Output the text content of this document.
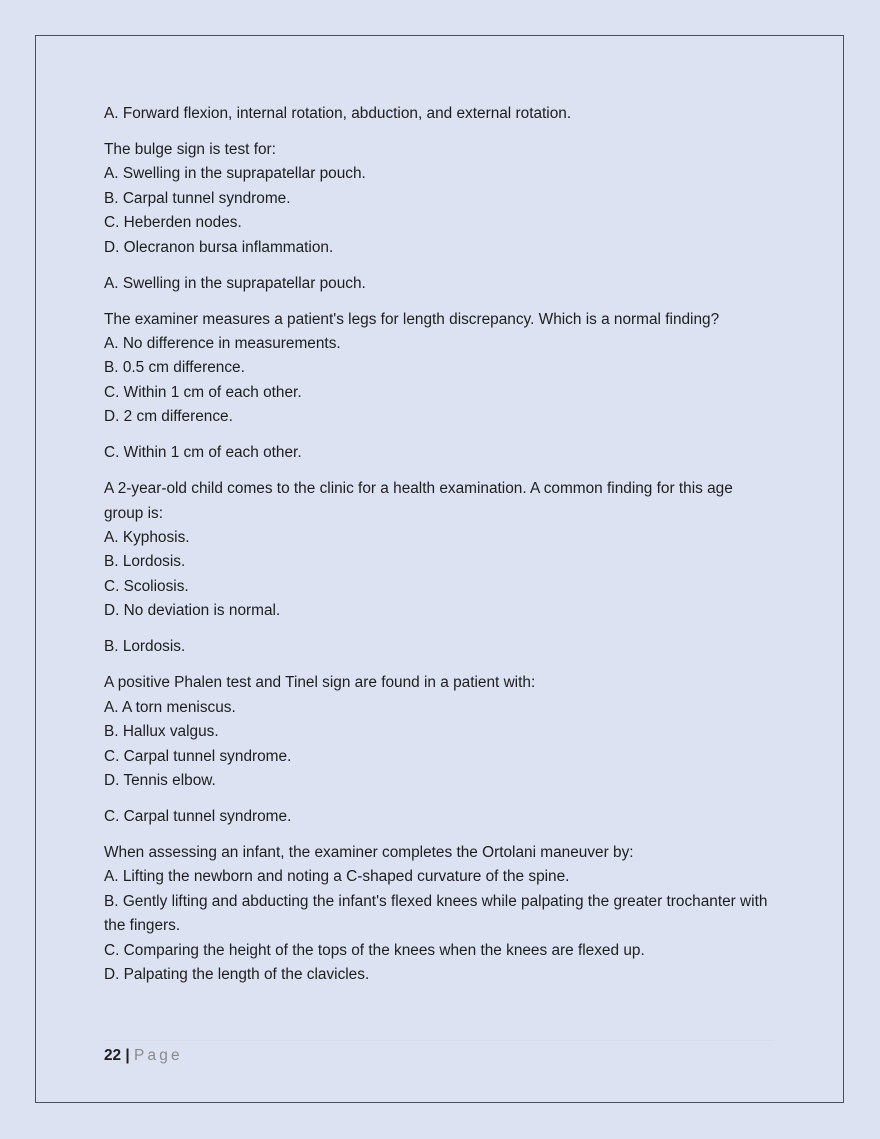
A. Forward flexion, internal rotation, abduction, and external rotation.
The bulge sign is test for:
A. Swelling in the suprapatellar pouch.
B. Carpal tunnel syndrome.
C. Heberden nodes.
D. Olecranon bursa inflammation.
A. Swelling in the suprapatellar pouch.
The examiner measures a patient's legs for length discrepancy. Which is a normal finding?
A. No difference in measurements.
B. 0.5 cm difference.
C. Within 1 cm of each other.
D. 2 cm difference.
C. Within 1 cm of each other.
A 2-year-old child comes to the clinic for a health examination. A common finding for this age group is:
A. Kyphosis.
B. Lordosis.
C. Scoliosis.
D. No deviation is normal.
B. Lordosis.
A positive Phalen test and Tinel sign are found in a patient with:
A. A torn meniscus.
B. Hallux valgus.
C. Carpal tunnel syndrome.
D. Tennis elbow.
C. Carpal tunnel syndrome.
When assessing an infant, the examiner completes the Ortolani maneuver by:
A. Lifting the newborn and noting a C-shaped curvature of the spine.
B. Gently lifting and abducting the infant's flexed knees while palpating the greater trochanter with the fingers.
C. Comparing the height of the tops of the knees when the knees are flexed up.
D. Palpating the length of the clavicles.
22 | Page
